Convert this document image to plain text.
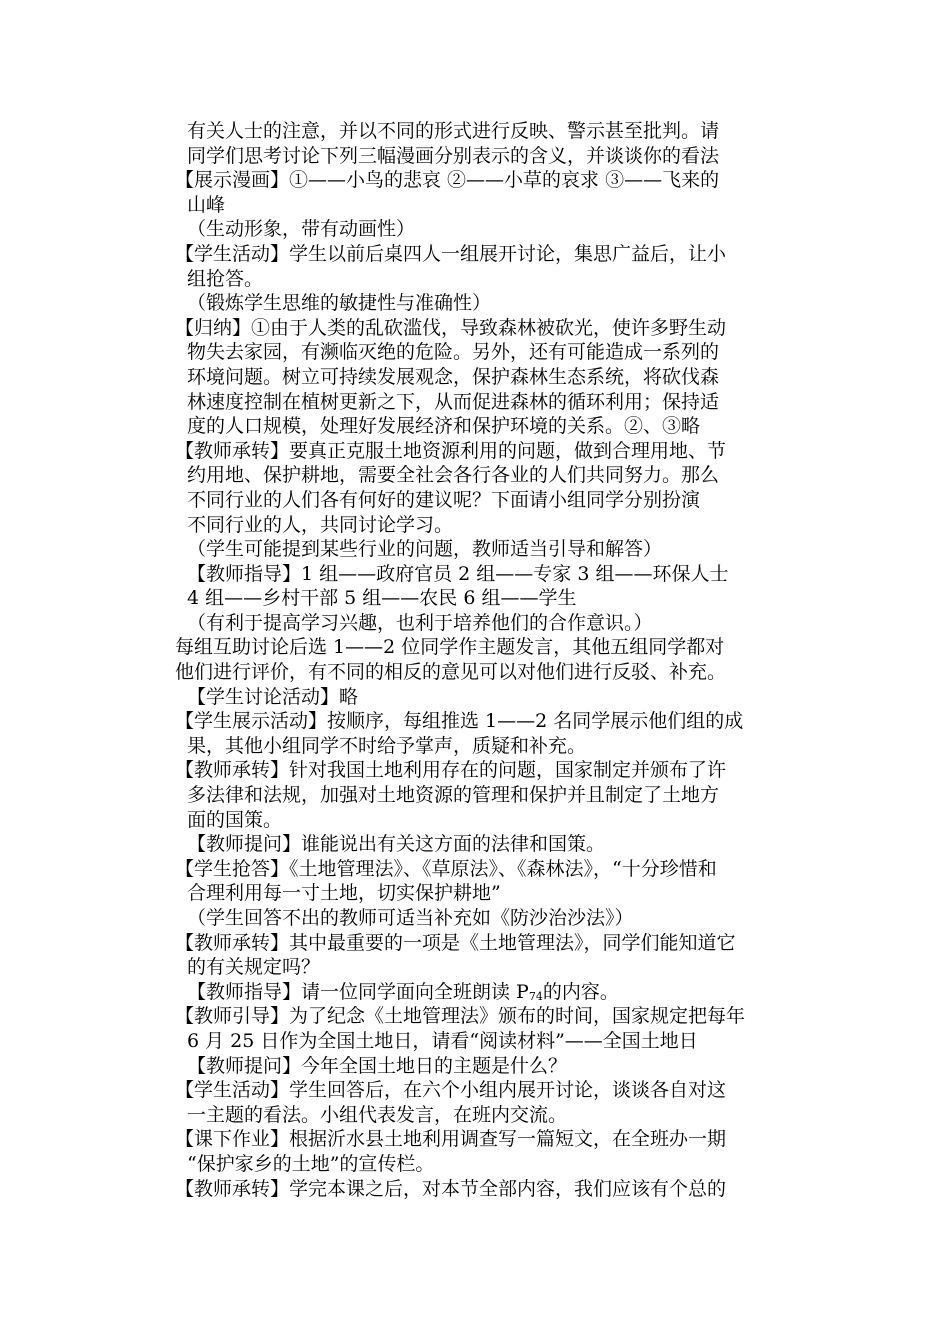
有关人士的注意，并以不同的形式进行反映、警示甚至批判。请
同学们思考讨论下列三幅漫画分别表示的含义，并谈谈你的看法
【展示漫画】①——小鸟的悲哀 ②——小草的哀求 ③——飞来的
山峰
（生动形象，带有动画性）
【学生活动】学生以前后桌四人一组展开讨论，集思广益后，让小
组抢答。
（锻炼学生思维的敏捷性与准确性）
【归纳】①由于人类的乱砍滥伐，导致森林被砍光，使许多野生动
物失去家园，有濒临灭绝的危险。另外，还有可能造成一系列的
环境问题。树立可持续发展观念，保护森林生态系统，将砍伐森
林速度控制在植树更新之下，从而促进森林的循环利用；保持适
度的人口规模，处理好发展经济和保护环境的关系。②、③略
【教师承转】要真正克服土地资源利用的问题，做到合理用地、节
约用地、保护耕地，需要全社会各行各业的人们共同努力。那么
不同行业的人们各有何好的建议呢？下面请小组同学分别扮演
不同行业的人，共同讨论学习。
（学生可能提到某些行业的问题，教师适当引导和解答）
【教师指导】1 组——政府官员 2 组——专家 3 组——环保人士
4 组——乡村干部 5 组——农民 6 组——学生
（有利于提高学习兴趣，也利于培养他们的合作意识。）
每组互助讨论后选 1——2 位同学作主题发言，其他五组同学都对
他们进行评价，有不同的相反的意见可以对他们进行反驳、补充。
【学生讨论活动】略
【学生展示活动】按顺序，每组推选 1——2 名同学展示他们组的成
果，其他小组同学不时给予掌声，质疑和补充。
【教师承转】针对我国土地利用存在的问题，国家制定并颁布了许
多法律和法规，加强对土地资源的管理和保护并且制定了土地方
面的国策。
【教师提问】谁能说出有关这方面的法律和国策。
【学生抢答】《土地管理法》、《草原法》、《森林法》，“十分珍惜和
合理利用每一寸土地，切实保护耕地”
（学生回答不出的教师可适当补充如《防沙治沙法》）
【教师承转】其中最重要的一项是《土地管理法》，同学们能知道它
的有关规定吗？
【教师指导】请一位同学面向全班朗读 $P_{74}$的内容。
【教师引导】为了纪念《土地管理法》颁布的时间，国家规定把每年
6 月 25 日作为全国土地日，请看“阅读材料”——全国土地日
【教师提问】今年全国土地日的主题是什么？
【学生活动】学生回答后，在六个小组内展开讨论，谈谈各自对这
一主题的看法。小组代表发言，在班内交流。
【课下作业】根据沂水县土地利用调查写一篇短文，在全班办一期
“保护家乡的土地”的宣传栏。
【教师承转】学完本课之后，对本节全部内容，我们应该有个总的
